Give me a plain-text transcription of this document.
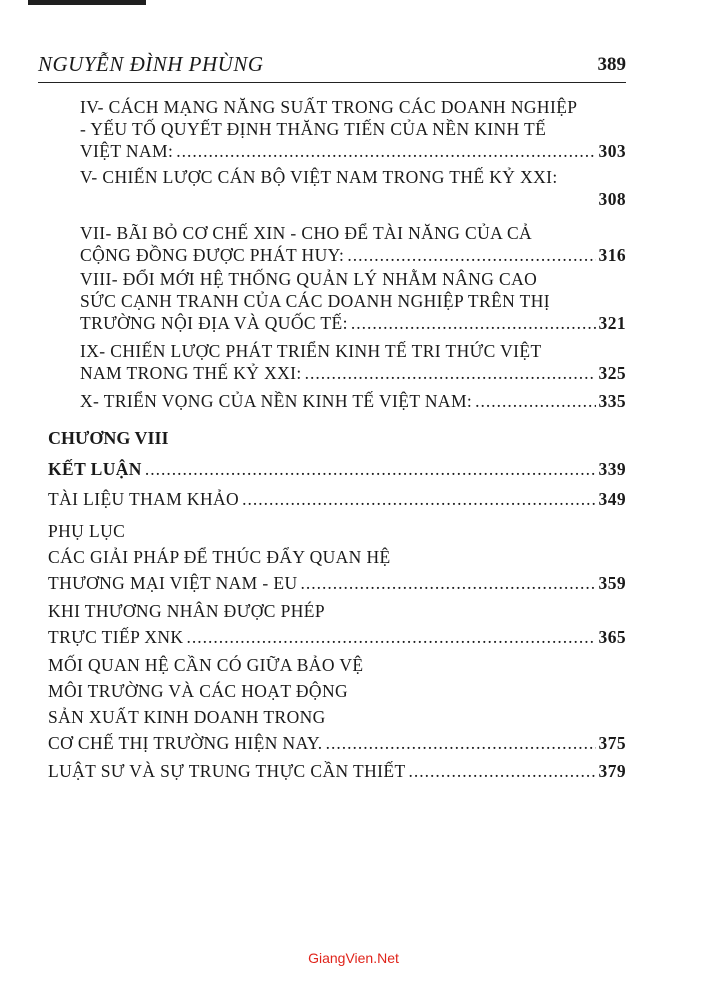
NGUYỄN ĐÌNH PHÙNG	389
IV- CÁCH MẠNG NĂNG SUẤT TRONG CÁC DOANH NGHIỆP
- YẾU TỐ QUYẾT ĐỊNH THĂNG TIẾN CỦA NỀN KINH TẾ
VIỆT NAM: .....	303
V- CHIẾN LƯỢC CÁN BỘ VIỆT NAM TRONG THẾ KỶ XXI:
308
VII- BÃI BỎ CƠ CHẾ XIN - CHO ĐỂ TÀI NĂNG CỦA CẢ
CỘNG ĐỒNG ĐƯỢC PHÁT HUY: .....	316
VIII- ĐỔI MỚI HỆ THỐNG QUẢN LÝ NHẰM NÂNG CAO
SỨC CẠNH TRANH CỦA CÁC DOANH NGHIỆP TRÊN THỊ
TRƯỜNG NỘI ĐỊA VÀ QUỐC TẾ: .....	321
IX- CHIẾN LƯỢC PHÁT TRIỂN KINH TẾ TRI THỨC VIỆT
NAM TRONG THẾ KỶ XXI: .....	325
X- TRIỂN VỌNG CỦA NỀN KINH TẾ VIỆT NAM: .....	335
CHƯƠNG VIII
KẾT LUẬN .....	339
TÀI LIỆU THAM KHẢO .....	349
PHỤ LỤC
CÁC GIẢI PHÁP ĐỂ THÚC ĐẨY QUAN HỆ
THƯƠNG MẠI VIỆT NAM - EU .....	359
KHI THƯƠNG NHÂN ĐƯỢC PHÉP
TRỰC TIẾP XNK .....	365
MỐI QUAN HỆ CẦN CÓ GIỮA BẢO VỆ
MÔI TRƯỜNG VÀ CÁC HOẠT ĐỘNG
SẢN XUẤT KINH DOANH TRONG
CƠ CHẾ THỊ TRƯỜNG HIỆN NAY. .....	375
LUẬT SƯ VÀ SỰ TRUNG THỰC CẦN THIẾT .....	379
GiangVien.Net
